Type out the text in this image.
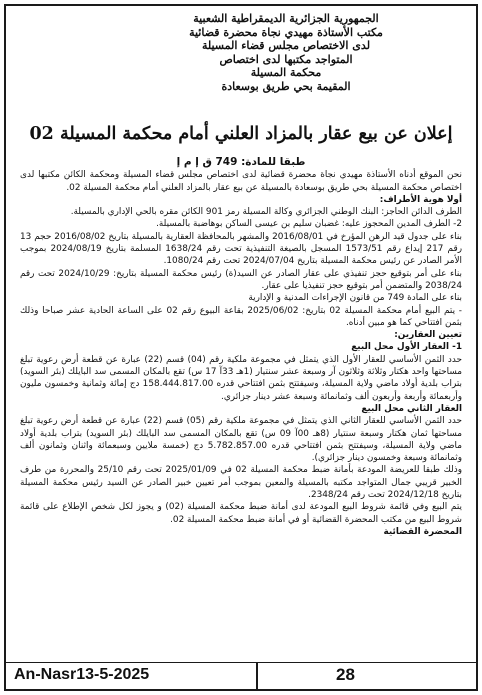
الجمهورية الجزائرية الديمقراطية الشعبية
مكتب الأستاذة مهيدي نجاة محضرة قضائية
لدى الاختصاص مجلس قضاء المسيلة
المتواجد مكتبها لدى اختصاص
محكمة المسيلة
المقيمة بحي طريق بوسعادة
إعلان عن بيع عقار بالمزاد العلني أمام محكمة المسيلة 02

طبقا للمادة: 749 ق إ م إ

نحن الموقع أدناه الأستاذة مهيدي نجاة محضرة قضائية لدى اختصاص مجلس قضاء المسيلة ومحكمة الكائن مكتبها لدى اختصاص محكمة المسيلة بحي طريق بوسعادة بالمسيلة عن بيع عقار بالمزاد العلني أمام محكمة المسيلة 02.

أولا هوية الأطراف:

الطرف الدائن الحاجز: البنك الوطني الجزائري وكالة المسيلة رمز 901 الكائن مقره بالحي الإداري بالمسيلة.

2- الطرف المدين المحجوز عليه: غضبان سليم بن عيسى الساكن بوهاضبة بالمسيلة.

بناء على جدول قيد الرهن المؤرخ في 2016/08/01 والمشهر بالمحافظة العقارية بالمسيلة بتاريخ 2016/08/02 حجم 13 رقم 217 إيداع رقم 1573/51 المسجل بالصيغة التنفيذية تحت رقم 1638/24 المسلمة بتاريخ 2024/08/19 بموجب الأمر الصادر عن رئيس محكمة المسيلة بتاريخ 2024/07/04 تحت رقم 1080/24.

بناء على أمر بتوقيع حجز تنفيذي على عقار الصادر عن السيد(ة) رئيس محكمة المسيلة بتاريخ: 2024/10/29 تحت رقم 2038/24 والمتضمن أمر بتوقيع حجز تنفيذيا على عقار.

بناء على المادة 749 من قانون الإجراءات المدنية و الإدارية

- يتم البيع أمام محكمة المسيلة 02 بتاريخ: 2025/06/02 بقاعة البيوع رقم 02 على الساعة الحادية عشر صباحا وذلك بثمن افتتاحي كما هو مبين أدناه.

تعيين العقارين:

1- العقار الأول محل البيع

حدد الثمن الأساسي للعقار الأول الذي يتمثل في مجموعة ملكية رقم (04) قسم (22) عبارة عن قطعة أرض رعوية تبلغ مساحتها واحد هكتار وثلاثة وثلاثون آر وسبعة عشر سنتيار (1هـ 33آ 17 س) تقع بالمكان المسمى سد البايلك (بئر السويد) بتراب بلدية أولاد ماضي ولاية المسيلة، وسيفتتح بثمن افتتاحي قدره 158.444.817.00 دج إمائة وثمانية وخمسون مليون وأربعمائة وأربعة وأربعون ألف وثمانمائة وسبعة عشر دينار جزائري.

العقار الثاني محل البيع

حدد الثمن الأساسي للعقار الثاني الذي يتمثل في مجموعة ملكية رقم (05) قسم (22) عبارة عن قطعة أرض رعوية تبلغ مساحتها ثمان هكتار وسبعة سنتيار (8هـ 00آ 09 س) تقع بالمكان المسمى سد البايلك (بئر السويد) بتراب بلدية أولاد ماضي ولاية المسيلة، وسيفتتح بثمن افتتاحي قدره 5.782.857.00 دج (خمسة ملايين وسبعمائة واثنان وثمانون ألف وثمانمائة وسبعة وخمسون دينار جزائري).

وذلك طبقا للعريضة المودعة بأمانة ضبط محكمة المسيلة 02 في 2025/01/09 تحت رقم 25/10 والمحررة من طرف الخبير قريبي جمال المتواجد مكتبه بالمسيلة والمعين بموجب أمر تعيين خبير الصادر عن السيد رئيس محكمة المسيلة بتاريخ 2024/12/18 تحت رقم 2348/24.

يتم البيع وفي قائمة شروط البيع المودعة لدى أمانة ضبط محكمة المسيلة (02) و يجوز لكل شخص الإطلاع على قائمة شروط البيع من مكتب المحضرة القضائية أو في أمانة ضبط محكمة المسيلة 02.

المحضرة القضائية

An-Nasr13-5-2025	28
